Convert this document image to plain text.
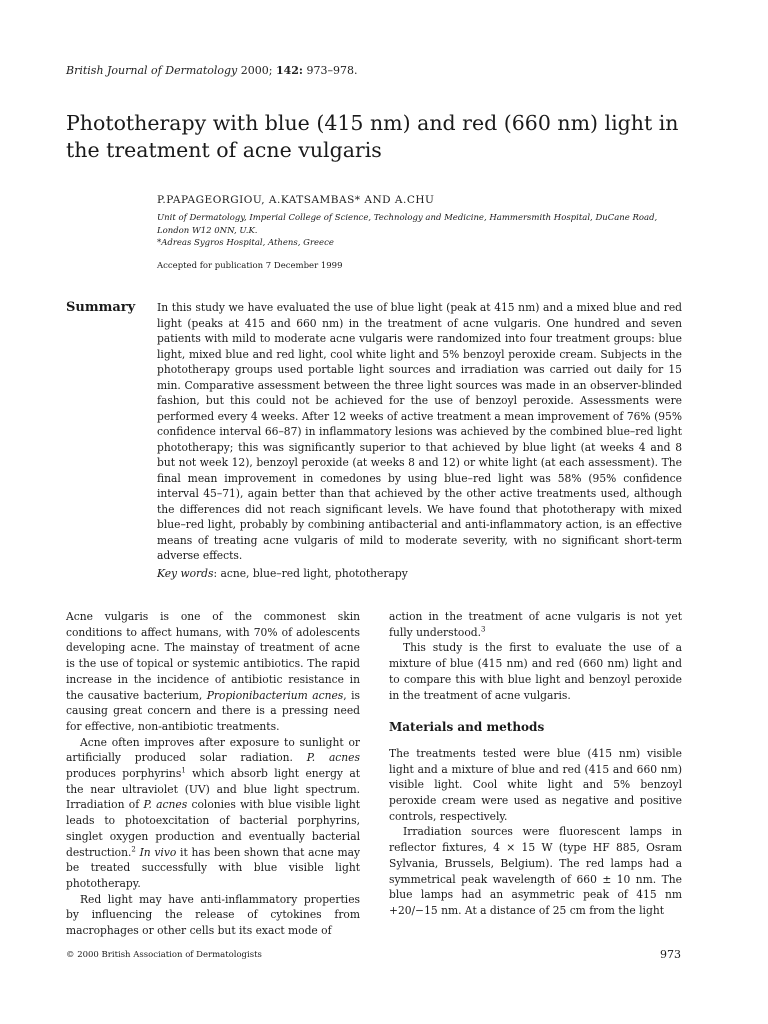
British Journal of Dermatology 2000; 142: 973–978.
Phototherapy with blue (415 nm) and red (660 nm) light in the treatment of acne vulgaris
P.PAPAGEORGIOU, A.KATSAMBAS* AND A.CHU
Unit of Dermatology, Imperial College of Science, Technology and Medicine, Hammersmith Hospital, DuCane Road,
London W12 0NN, U.K.
*Adreas Sygros Hospital, Athens, Greece
Accepted for publication 7 December 1999
Summary In this study we have evaluated the use of blue light (peak at 415 nm) and a mixed blue and red light (peaks at 415 and 660 nm) in the treatment of acne vulgaris. One hundred and seven patients with mild to moderate acne vulgaris were randomized into four treatment groups: blue light, mixed blue and red light, cool white light and 5% benzoyl peroxide cream. Subjects in the phototherapy groups used portable light sources and irradiation was carried out daily for 15 min. Comparative assessment between the three light sources was made in an observer-blinded fashion, but this could not be achieved for the use of benzoyl peroxide. Assessments were performed every 4 weeks. After 12 weeks of active treatment a mean improvement of 76% (95% confidence interval 66–87) in inflammatory lesions was achieved by the combined blue–red light phototherapy; this was significantly superior to that achieved by blue light (at weeks 4 and 8 but not week 12), benzoyl peroxide (at weeks 8 and 12) or white light (at each assessment). The final mean improvement in comedones by using blue–red light was 58% (95% confidence interval 45–71), again better than that achieved by the other active treatments used, although the differences did not reach significant levels. We have found that phototherapy with mixed blue–red light, probably by combining antibacterial and anti-inflammatory action, is an effective means of treating acne vulgaris of mild to moderate severity, with no significant short-term adverse effects.

Key words: acne, blue–red light, phototherapy

Acne vulgaris is one of the commonest skin conditions to affect humans, with 70% of adolescents developing acne. The mainstay of treatment of acne is the use of topical or systemic antibiotics. The rapid increase in the incidence of antibiotic resistance in the causative bacterium, Propionibacterium acnes, is causing great concern and there is a pressing need for effective, non-antibiotic treatments.

Acne often improves after exposure to sunlight or artificially produced solar radiation. P. acnes produces porphyrins$^1$ which absorb light energy at the near ultraviolet (UV) and blue light spectrum. Irradiation of P. acnes colonies with blue visible light leads to photoexcitation of bacterial porphyrins, singlet oxygen production and eventually bacterial destruction.$^2$ In vivo it has been shown that acne may be treated successfully with blue visible light phototherapy.

Red light may have anti-inflammatory properties by influencing the release of cytokines from macrophages or other cells but its exact mode of

action in the treatment of acne vulgaris is not yet fully understood.$^3$

This study is the first to evaluate the use of a mixture of blue (415 nm) and red (660 nm) light and to compare this with blue light and benzoyl peroxide in the treatment of acne vulgaris.

Materials and methods

The treatments tested were blue (415 nm) visible light and a mixture of blue and red (415 and 660 nm) visible light. Cool white light and 5% benzoyl peroxide cream were used as negative and positive controls, respectively.

Irradiation sources were fluorescent lamps in reflector fixtures, 4 × 15 W (type HF 885, Osram Sylvania, Brussels, Belgium). The red lamps had a symmetrical peak wavelength of 660 ± 10 nm. The blue lamps had an asymmetric peak of 415 nm +20/−15 nm. At a distance of 25 cm from the light

© 2000 British Association of Dermatologists	973
